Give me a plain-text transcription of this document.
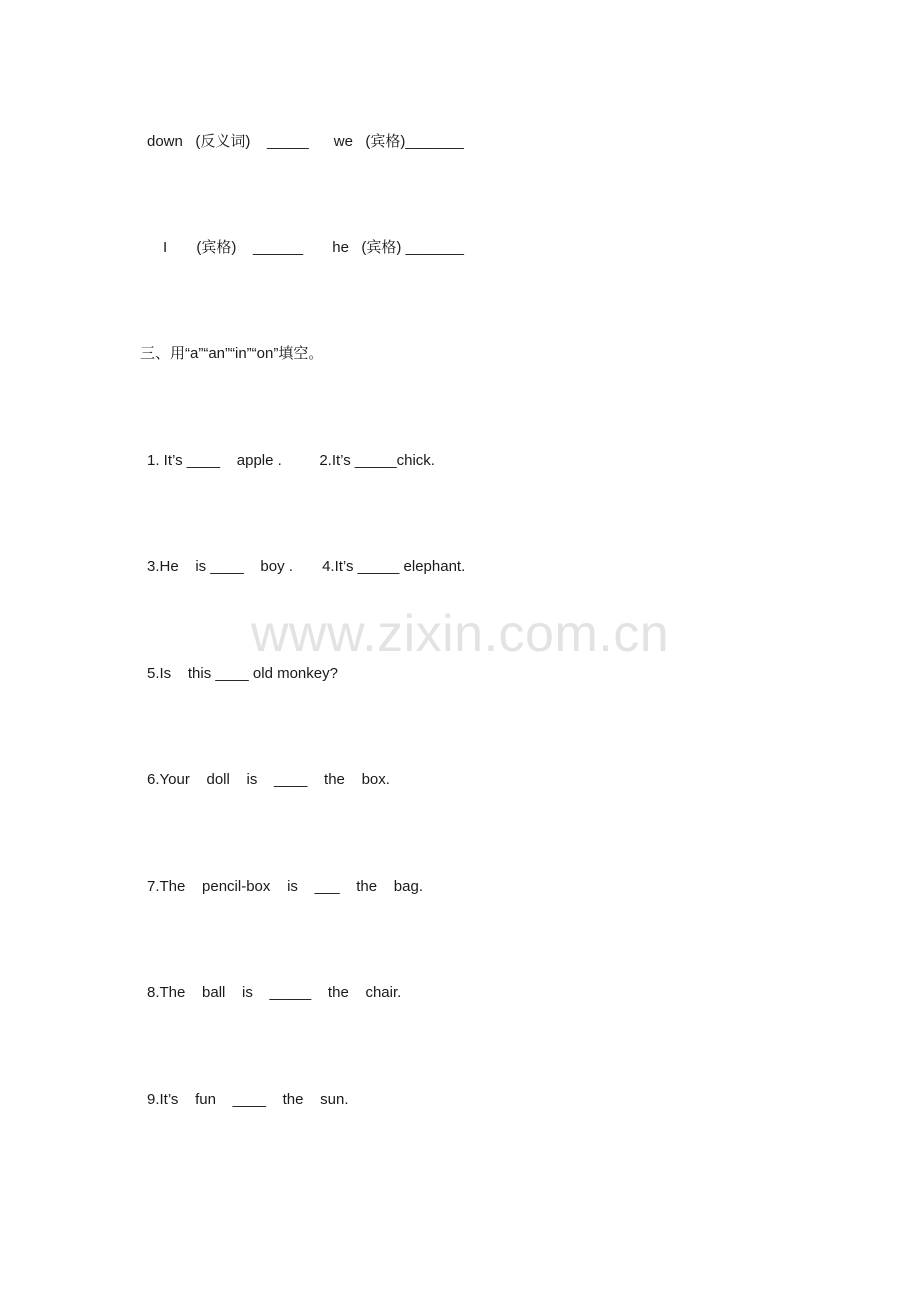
down   (反义词)    _____      we   (宾格)_______
I       (宾格)    ______       he   (宾格) _______
三、用“a”“an”“in”“on”填空。
1. It’s ____    apple .         2.It’s _____chick.
3.He    is ____    boy .       4.It’s _____ elephant.
5.Is    this ____ old monkey?
6.Your    doll    is    ____    the    box.
7.The    pencil-box    is    ___    the    bag.
8.The    ball    is    _____    the    chair.
9.It’s    fun    ____    the    sun.
www.zixin.com.cn
